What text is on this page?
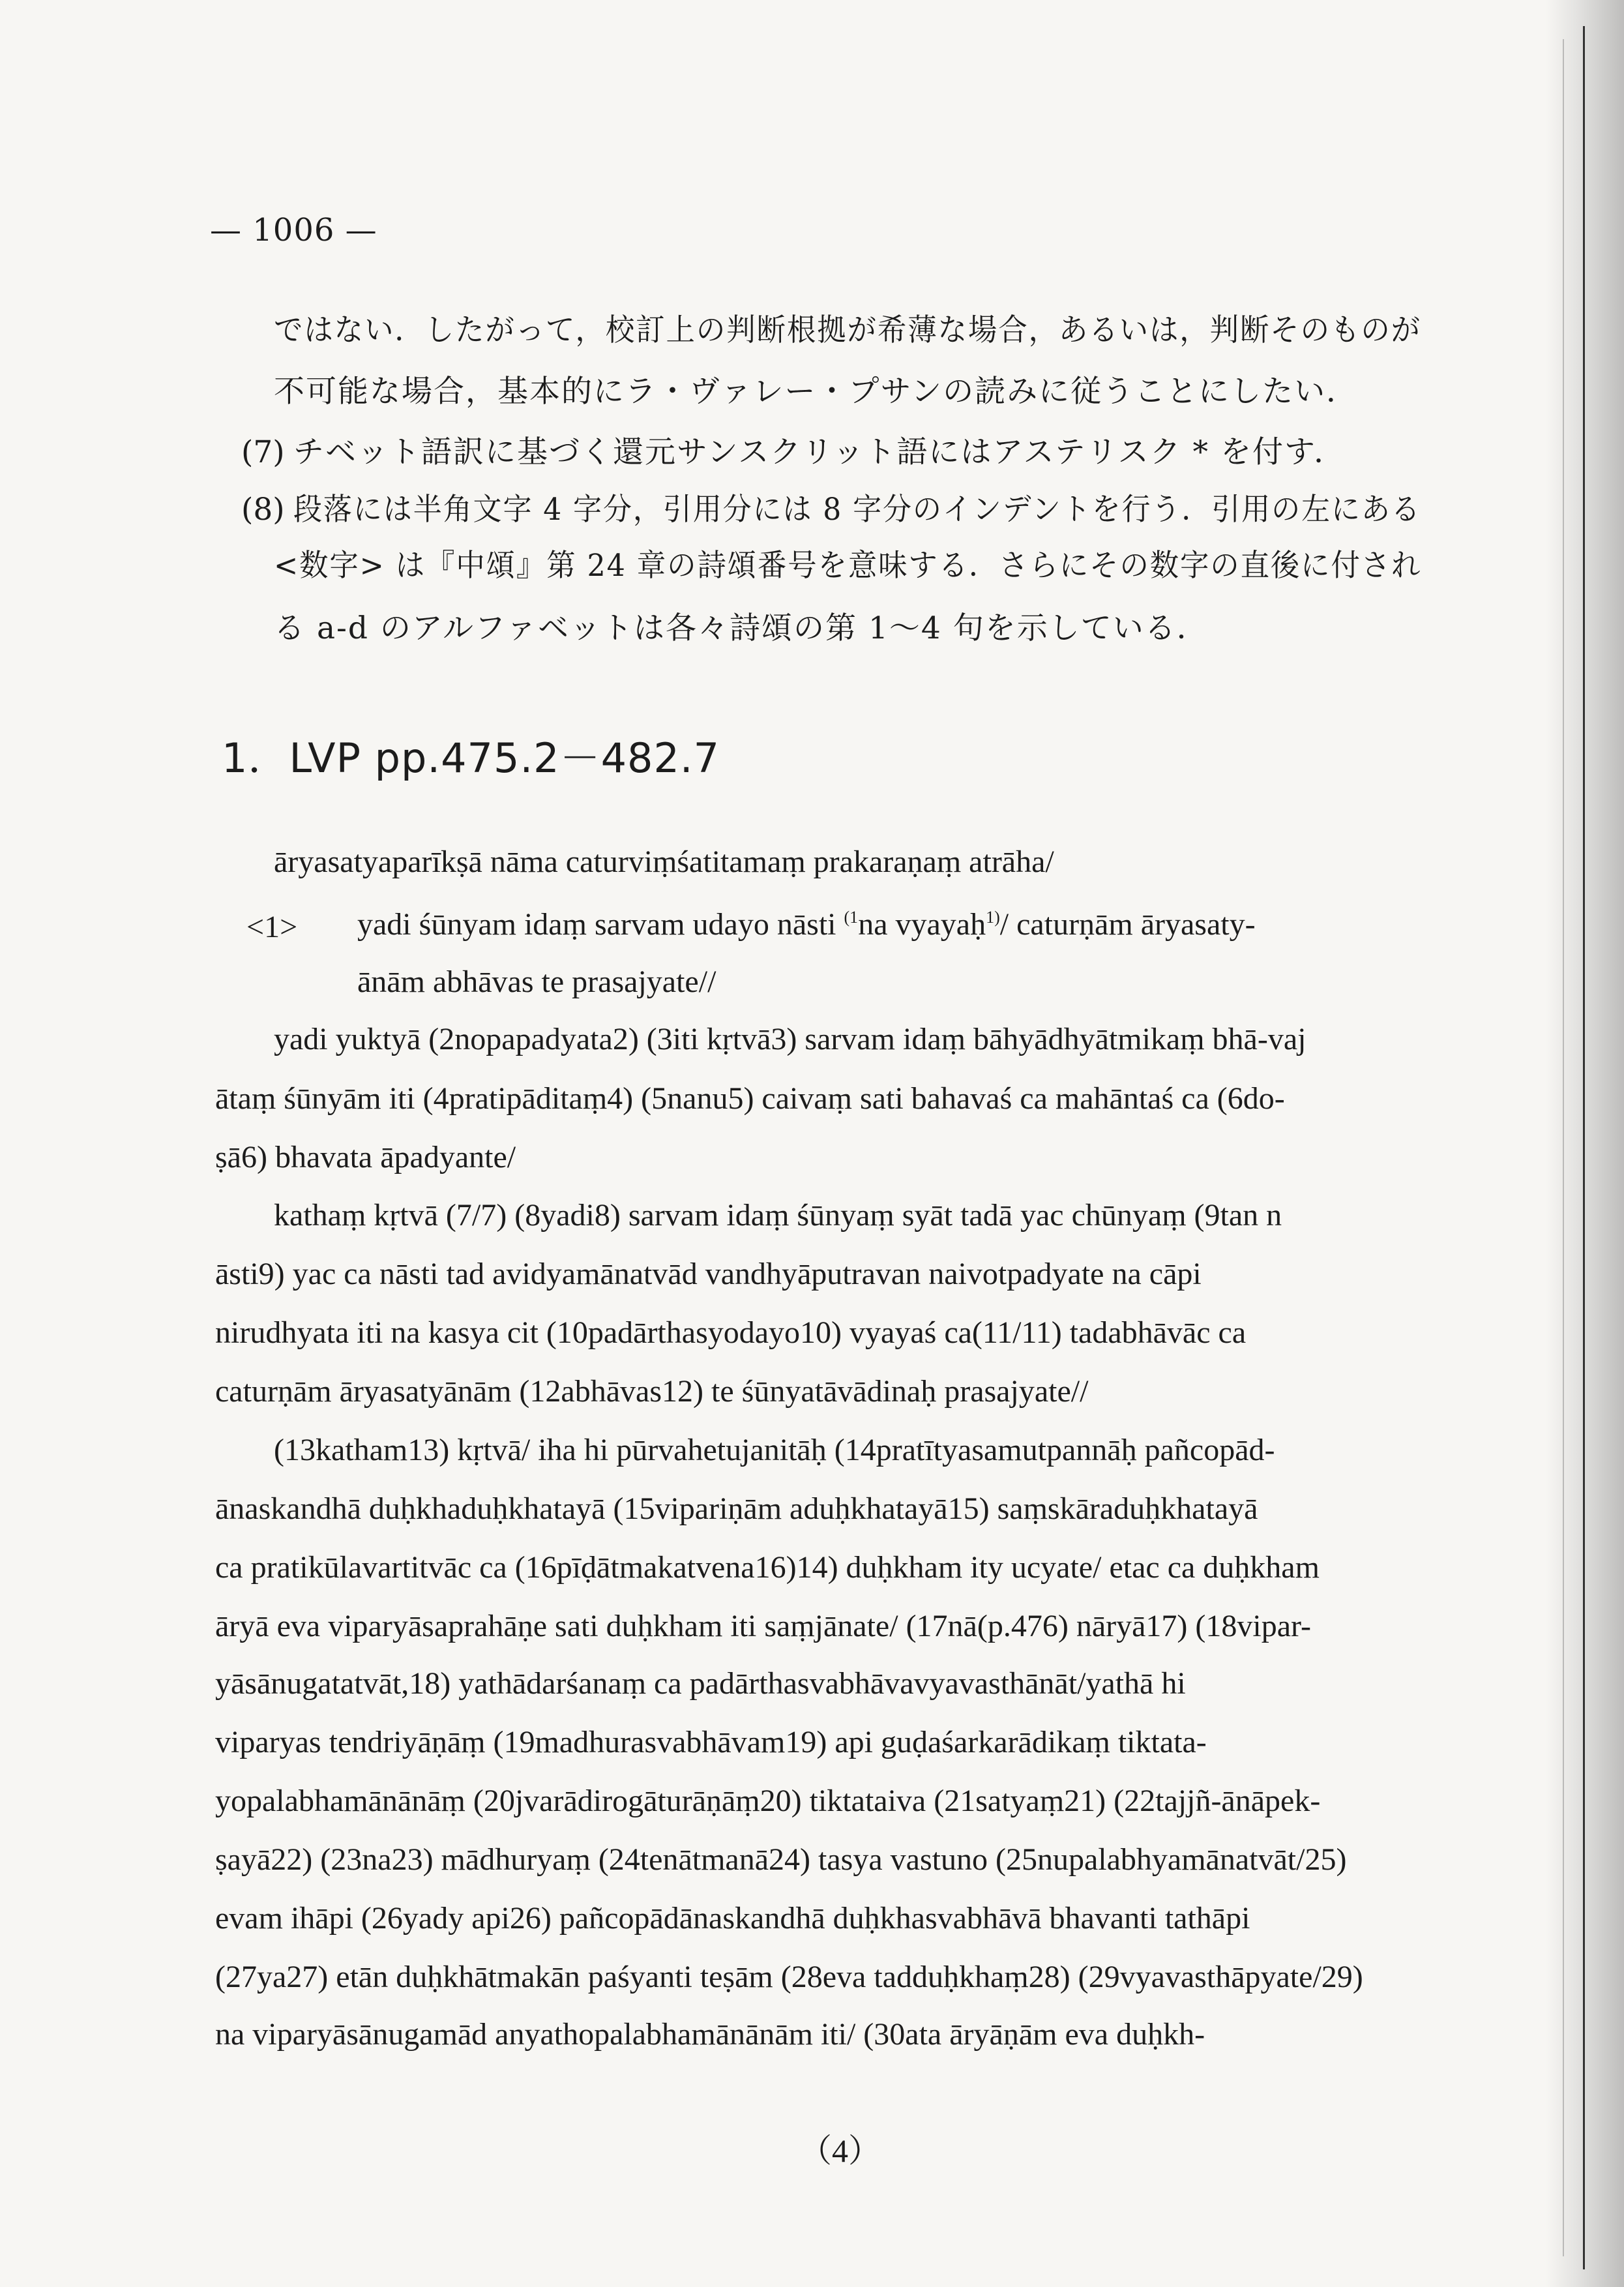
— 1006 —
ではない．したがって，校訂上の判断根拠が希薄な場合，あるいは，判断そのものが
不可能な場合，基本的にラ・ヴァレー・プサンの読みに従うことにしたい．
(7) チベット語訳に基づく還元サンスクリット語にはアステリスク * を付す．
(8) 段落には半角文字 4 字分，引用分には 8 字分のインデントを行う．引用の左にある
<数字> は『中頌』第 24 章の詩頌番号を意味する．さらにその数字の直後に付され
る a-d のアルファベットは各々詩頌の第 1〜4 句を示している．
1．LVP pp.475.2－482.7
āryasatyaparīkṣā nāma caturviṃśatitamaṃ prakaraṇaṃ atrāha/
<1> yadi śūnyam idaṃ sarvam udayo nāsti $^{(1}$na vyayaḥ$^{1)}$/ caturṇām āryasaty-
ānām abhāvas te prasajyate//
yadi yuktyā (2nopapadyata2) (3iti kṛtvā3) sarvam idaṃ bāhyādhyātmikaṃ bhā-vaj
ātaṃ śūnyām iti (4pratipāditaṃ4) (5nanu5) caivaṃ sati bahavaś ca mahāntaś ca (6do-
ṣā6) bhavata āpadyante/
kathaṃ kṛtvā (7/7) (8yadi8) sarvam idaṃ śūnyaṃ syāt tadā yac chūnyaṃ (9tan n
āsti9) yac ca nāsti tad avidyamānatvād vandhyāputravan naivotpadyate na cāpi
nirudhyata iti na kasya cit (10padārthasyodayo10) vyayaś ca(11/11) tadabhāvāc ca
caturṇām āryasatyānām (12abhāvas12) te śūnyatāvādinaḥ prasajyate//
(13katham13) kṛtvā/ iha hi pūrvahetujanitāḥ (14pratītyasamutpannāḥ pañcopād-
ānaskandhā duḥkhaduḥkhatayā (15vipariṇām aduḥkhatayā15) saṃskāraduḥkhatayā
ca pratikūlavartitvāc ca (16pīḍātmakatvena16)14) duḥkham ity ucyate/ etac ca duḥkham
āryā eva viparyāsaprahāṇe sati duḥkham iti saṃjānate/ (17nā(p.476) nāryā17) (18vipar-
yāsānugatatvāt,18) yathādarśanaṃ ca padārthasvabhāvavyavasthānāt/yathā hi
viparyas tendriyāṇāṃ (19madhurasvabhāvam19) api guḍaśarkarādikaṃ tiktata-
yopalabhamānānāṃ (20jvarādirogāturāṇāṃ20) tiktataiva (21satyaṃ21) (22tajjñ-ānāpek-
ṣayā22) (23na23) mādhuryaṃ (24tenātmanā24) tasya vastuno (25nupalabhyamānatvāt/25)
evam ihāpi (26yady api26) pañcopādānaskandhā duḥkhasvabhāvā bhavanti tathāpi
(27ya27) etān duḥkhātmakān paśyanti teṣām (28eva tadduḥkhaṃ28) (29vyavasthāpyate/29)
na viparyāsānugamād anyathopalabhamānānām iti/ (30ata āryāṇām eva duḥkh-
（4）
